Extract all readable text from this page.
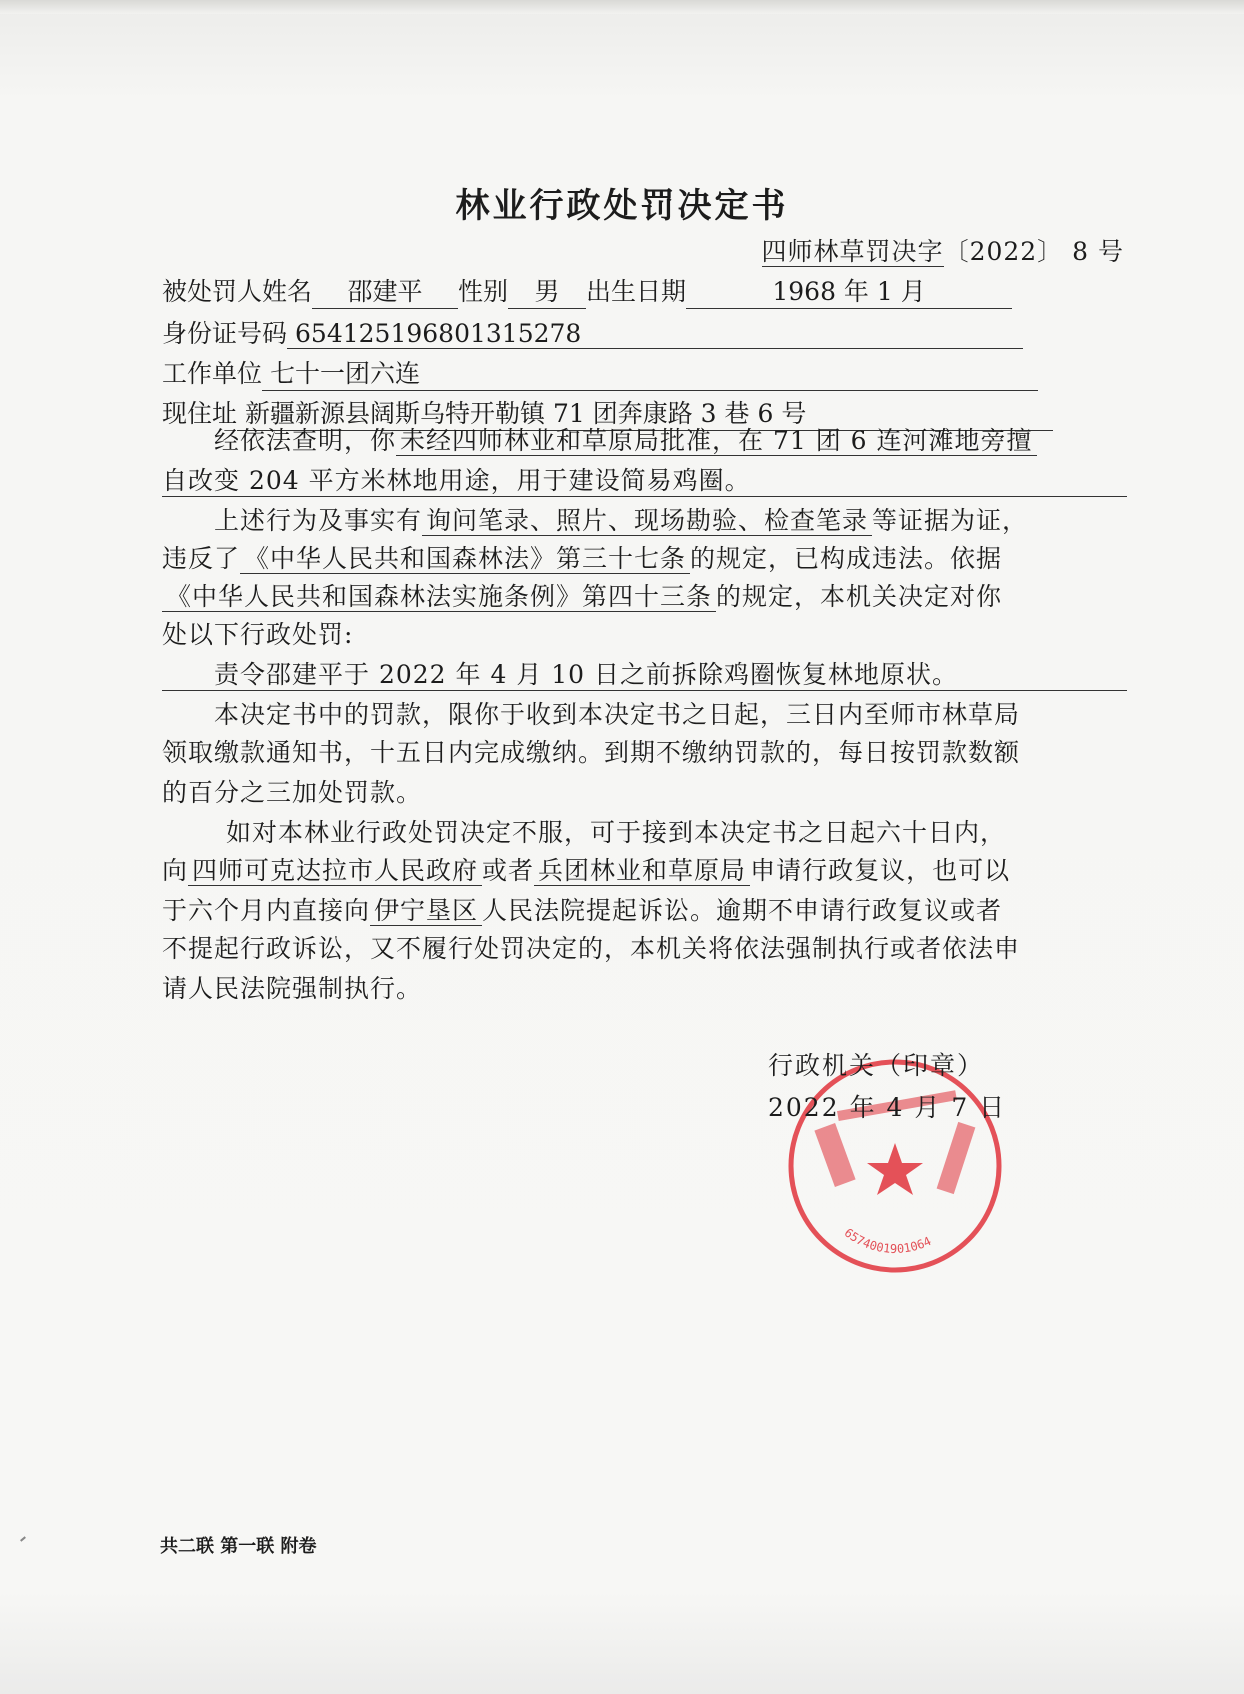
林业行政处罚决定书
四师林草罚决字〔2022〕 8 号
被处罚人姓名 邵建平 性别 男 出生日期	1968 年 1 月
身份证号码 654125196801315278
工作单位 七十一团六连
现住址 新疆新源县阔斯乌特开勒镇 71 团奔康路 3 巷 6 号
经依法查明，你 未经四师林业和草原局批准，在 71 团 6 连河滩地旁擅
自改变 204 平方米林地用途，用于建设简易鸡圈。
上述行为及事实有 询问笔录、照片、现场勘验、检查笔录 等证据为证，
违反了 《中华人民共和国森林法》第三十七条 的规定，已构成违法。依据
《中华人民共和国森林法实施条例》第四十三条 的规定，本机关决定对你
处以下行政处罚:
责令邵建平于 2022 年 4 月 10 日之前拆除鸡圈恢复林地原状。
本决定书中的罚款，限你于收到本决定书之日起，三日内至师市林草局
领取缴款通知书，十五日内完成缴纳。到期不缴纳罚款的，每日按罚款数额
的百分之三加处罚款。
如对本林业行政处罚决定不服，可于接到本决定书之日起六十日内，
向 四师可克达拉市人民政府 或者 兵团林业和草原局 申请行政复议，也可以
于六个月内直接向 伊宁垦区 人民法院提起诉讼。逾期不申请行政复议或者
不提起行政诉讼，又不履行处罚决定的，本机关将依法强制执行或者依法申
请人民法院强制执行。
6574001901064
行政机关（印章）
2022 年 4 月 7 日
共二联 第一联 附卷
